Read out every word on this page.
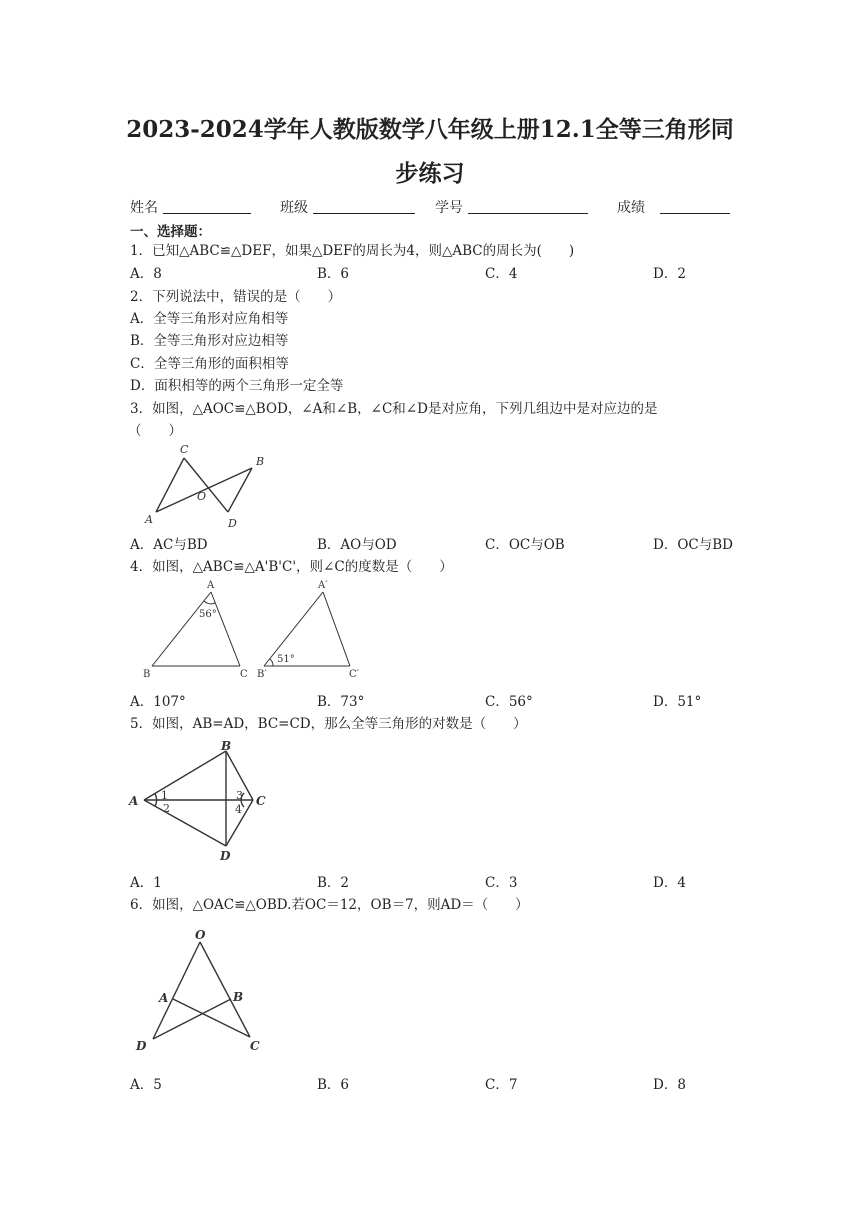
2023-2024学年人教版数学八年级上册12.1全等三角形同
步练习
姓名	班级	学号	成绩
一、选择题：
1．已知△ABC≌△DEF，如果△DEF的周长为4，则△ABC的周长为(　　)
A．8	B．6	C．4	D．2
2．下列说法中，错误的是（　　）
A．全等三角形对应角相等
B．全等三角形对应边相等
C．全等三角形的面积相等
D．面积相等的两个三角形一定全等
3．如图，△AOC≌△BOD，∠A和∠B，∠C和∠D是对应角，下列几组边中是对应边的是
（　　）
C
B
O
A	D
A．AC与BD	B．AO与OD	C．OC与OB	D．OC与BD
4．如图，△ABC≌△A'B'C'，则∠C的度数是（　　）
A
B	C
56°
A′
B′	C′
51°
A．107°	B．73°	C．56°	D．51°
5．如图，AB=AD，BC=CD，那么全等三角形的对数是（　　）
B
A	C
D
1
2
3
4
A．1	B．2	C．3	D．4
6．如图，△OAC≌△OBD.若OC＝12，OB＝7，则AD＝（　　）
O
A	B
D	C
A．5	B．6	C．7	D．8
